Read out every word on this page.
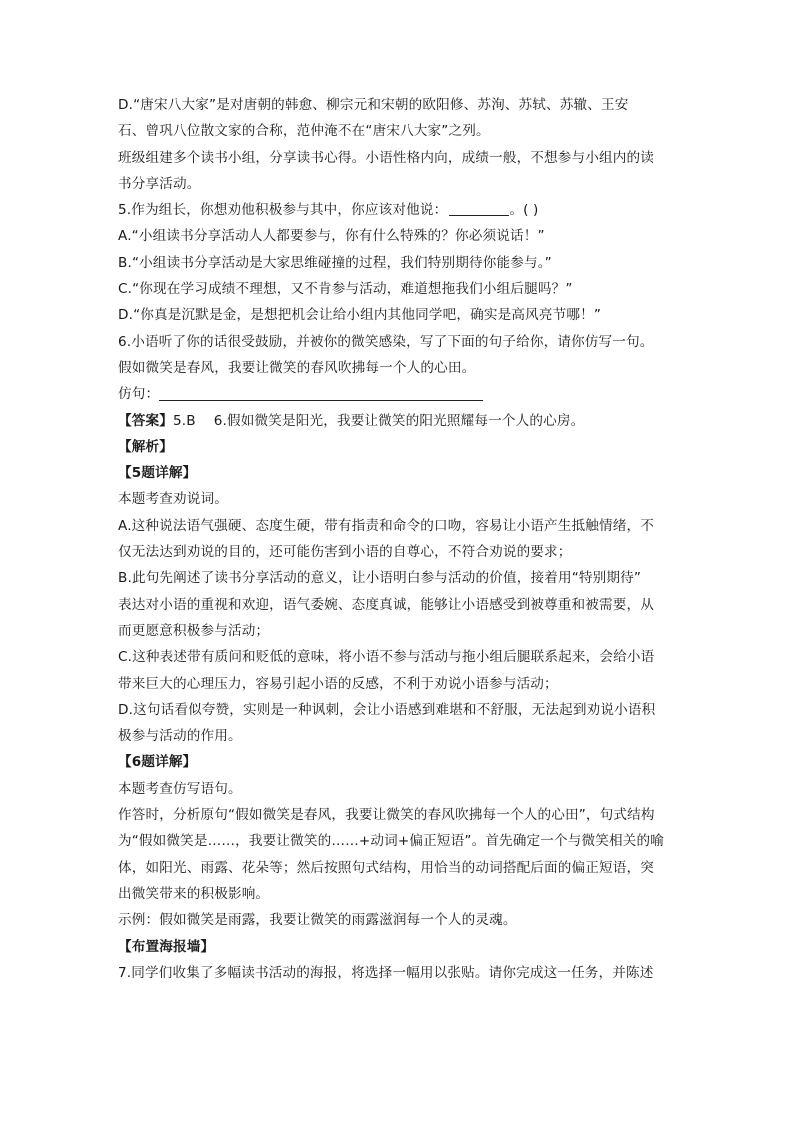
D.“唐宋八大家”是对唐朝的韩愈、柳宗元和宋朝的欧阳修、苏洵、苏轼、苏辙、王安
石、曾巩八位散文家的合称，范仲淹不在“唐宋八大家”之列。
班级组建多个读书小组，分享读书心得。小语性格内向，成绩一般，不想参与小组内的读
书分享活动。
5.作为组长，你想劝他积极参与其中，你应该对他说：	。( )
A.“小组读书分享活动人人都要参与，你有什么特殊的？你必须说话！”
B.“小组读书分享活动是大家思维碰撞的过程，我们特别期待你能参与。”
C.“你现在学习成绩不理想，又不肯参与活动，难道想拖我们小组后腿吗？”
D.“你真是沉默是金，是想把机会让给小组内其他同学吧，确实是高风亮节哪！”
6.小语听了你的话很受鼓励，并被你的微笑感染，写了下面的句子给你，请你仿写一句。
假如微笑是春风，我要让微笑的春风吹拂每一个人的心田。
仿句：
【答案】5.B 6.假如微笑是阳光，我要让微笑的阳光照耀每一个人的心房。
【解析】
【5题详解】
本题考查劝说词。
A.这种说法语气强硬、态度生硬，带有指责和命令的口吻，容易让小语产生抵触情绪，不
仅无法达到劝说的目的，还可能伤害到小语的自尊心，不符合劝说的要求；
B.此句先阐述了读书分享活动的意义，让小语明白参与活动的价值，接着用“特别期待”
表达对小语的重视和欢迎，语气委婉、态度真诚，能够让小语感受到被尊重和被需要，从
而更愿意积极参与活动；
C.这种表述带有质问和贬低的意味，将小语不参与活动与拖小组后腿联系起来，会给小语
带来巨大的心理压力，容易引起小语的反感，不利于劝说小语参与活动；
D.这句话看似夸赞，实则是一种讽刺，会让小语感到难堪和不舒服，无法起到劝说小语积
极参与活动的作用。
【6题详解】
本题考查仿写语句。
作答时，分析原句“假如微笑是春风，我要让微笑的春风吹拂每一个人的心田”，句式结构
为“假如微笑是……，我要让微笑的……+动词+偏正短语”。首先确定一个与微笑相关的喻
体，如阳光、雨露、花朵等；然后按照句式结构，用恰当的动词搭配后面的偏正短语，突
出微笑带来的积极影响。
示例：假如微笑是雨露，我要让微笑的雨露滋润每一个人的灵魂。
【布置海报墙】
7.同学们收集了多幅读书活动的海报，将选择一幅用以张贴。请你完成这一任务，并陈述
